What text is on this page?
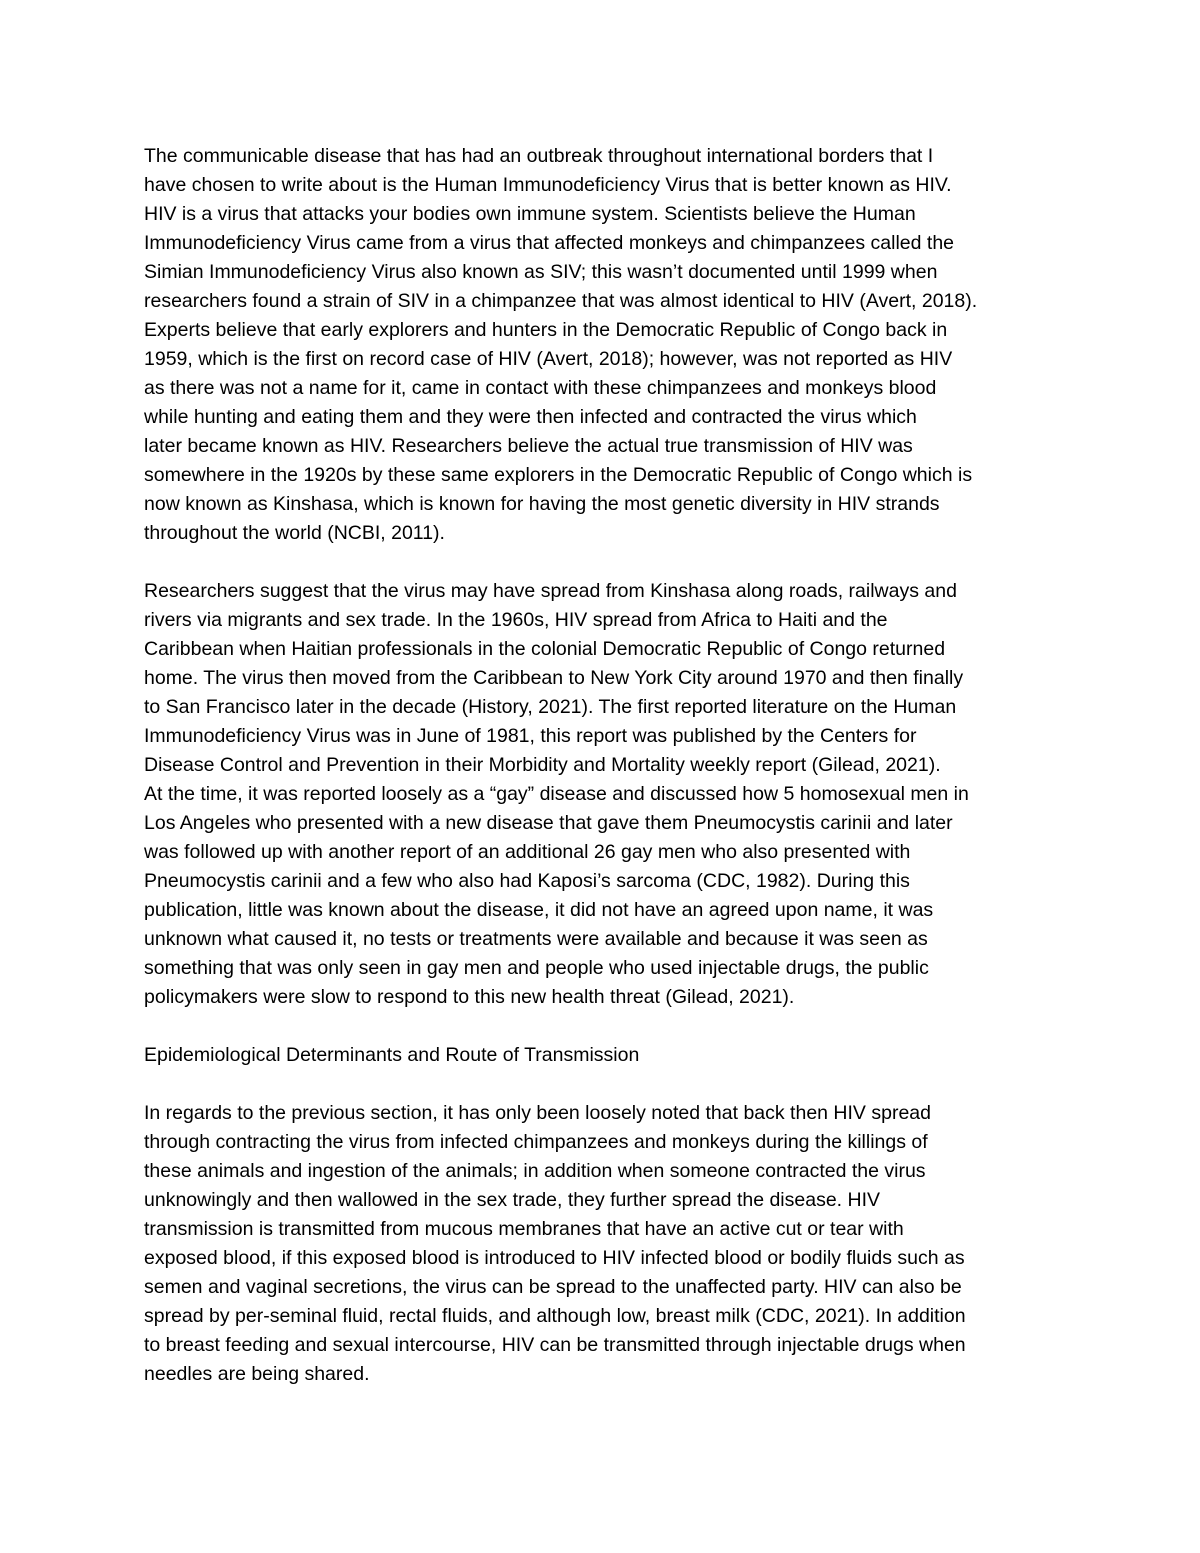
The communicable disease that has had an outbreak throughout international borders that I
have chosen to write about is the Human Immunodeficiency Virus that is better known as HIV.
HIV is a virus that attacks your bodies own immune system. Scientists believe the Human
Immunodeficiency Virus came from a virus that affected monkeys and chimpanzees called the
Simian Immunodeficiency Virus also known as SIV; this wasn’t documented until 1999 when
researchers found a strain of SIV in a chimpanzee that was almost identical to HIV (Avert, 2018).
Experts believe that early explorers and hunters in the Democratic Republic of Congo back in
1959, which is the first on record case of HIV (Avert, 2018); however, was not reported as HIV
as there was not a name for it, came in contact with these chimpanzees and monkeys blood
while hunting and eating them and they were then infected and contracted the virus which
later became known as HIV. Researchers believe the actual true transmission of HIV was
somewhere in the 1920s by these same explorers in the Democratic Republic of Congo which is
now known as Kinshasa, which is known for having the most genetic diversity in HIV strands
throughout the world (NCBI, 2011).

Researchers suggest that the virus may have spread from Kinshasa along roads, railways and
rivers via migrants and sex trade. In the 1960s, HIV spread from Africa to Haiti and the
Caribbean when Haitian professionals in the colonial Democratic Republic of Congo returned
home. The virus then moved from the Caribbean to New York City around 1970 and then finally
to San Francisco later in the decade (History, 2021). The first reported literature on the Human
Immunodeficiency Virus was in June of 1981, this report was published by the Centers for
Disease Control and Prevention in their Morbidity and Mortality weekly report (Gilead, 2021).
At the time, it was reported loosely as a “gay” disease and discussed how 5 homosexual men in
Los Angeles who presented with a new disease that gave them Pneumocystis carinii and later
was followed up with another report of an additional 26 gay men who also presented with
Pneumocystis carinii and a few who also had Kaposi’s sarcoma (CDC, 1982). During this
publication, little was known about the disease, it did not have an agreed upon name, it was
unknown what caused it, no tests or treatments were available and because it was seen as
something that was only seen in gay men and people who used injectable drugs, the public
policymakers were slow to respond to this new health threat (Gilead, 2021).

Epidemiological Determinants and Route of Transmission

In regards to the previous section, it has only been loosely noted that back then HIV spread
through contracting the virus from infected chimpanzees and monkeys during the killings of
these animals and ingestion of the animals; in addition when someone contracted the virus
unknowingly and then wallowed in the sex trade, they further spread the disease. HIV
transmission is transmitted from mucous membranes that have an active cut or tear with
exposed blood, if this exposed blood is introduced to HIV infected blood or bodily fluids such as
semen and vaginal secretions, the virus can be spread to the unaffected party. HIV can also be
spread by per-seminal fluid, rectal fluids, and although low, breast milk (CDC, 2021). In addition
to breast feeding and sexual intercourse, HIV can be transmitted through injectable drugs when
needles are being shared.
